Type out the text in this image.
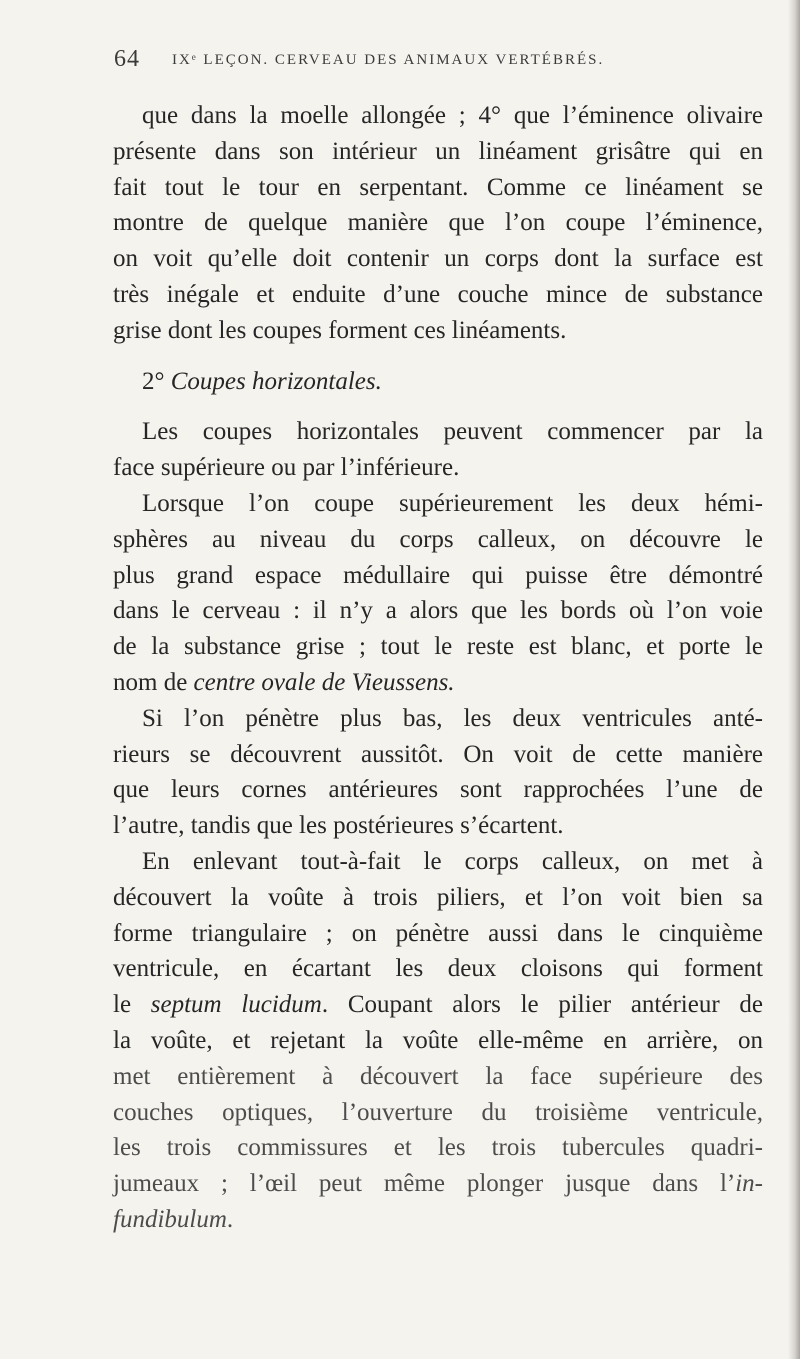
64 IXᵉ LEÇON. CERVEAU DES ANIMAUX VERTÉBRÉS.
que dans la moelle allongée ; 4° que l’éminence olivaire
présente dans son intérieur un linéament grisâtre qui en
fait tout le tour en serpentant. Comme ce linéament se
montre de quelque manière que l’on coupe l’éminence,
on voit qu’elle doit contenir un corps dont la surface est
très inégale et enduite d’une couche mince de substance
grise dont les coupes forment ces linéaments.
2° Coupes horizontales.
Les coupes horizontales peuvent commencer par la
face supérieure ou par l’inférieure.
Lorsque l’on coupe supérieurement les deux hémi-
sphères au niveau du corps calleux, on découvre le
plus grand espace médullaire qui puisse être démontré
dans le cerveau : il n’y a alors que les bords où l’on voie
de la substance grise ; tout le reste est blanc, et porte le
nom de centre ovale de Vieussens.
Si l’on pénètre plus bas, les deux ventricules anté-
rieurs se découvrent aussitôt. On voit de cette manière
que leurs cornes antérieures sont rapprochées l’une de
l’autre, tandis que les postérieures s’écartent.
En enlevant tout-à-fait le corps calleux, on met à
découvert la voûte à trois piliers, et l’on voit bien sa
forme triangulaire ; on pénètre aussi dans le cinquième
ventricule, en écartant les deux cloisons qui forment
le septum lucidum. Coupant alors le pilier antérieur de
la voûte, et rejetant la voûte elle-même en arrière, on
met entièrement à découvert la face supérieure des
couches optiques, l’ouverture du troisième ventricule,
les trois commissures et les trois tubercules quadri-
jumeaux ; l’œil peut même plonger jusque dans l’in-
fundibulum.
